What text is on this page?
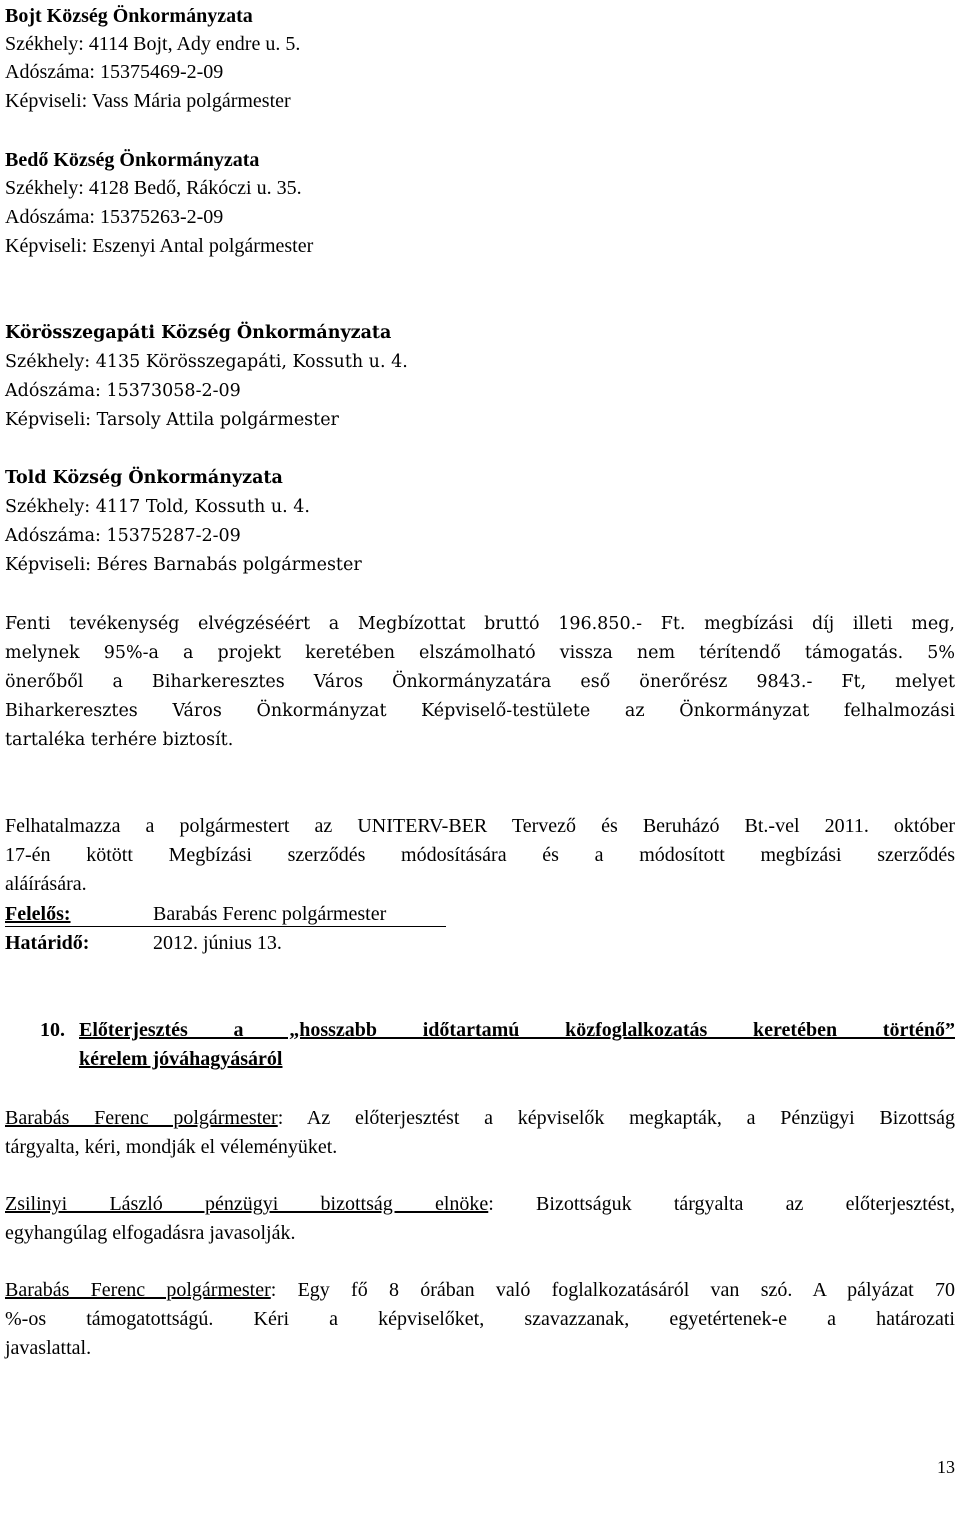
Bojt Község Önkormányzata
Székhely: 4114 Bojt, Ady endre u. 5.
Adószáma: 15375469-2-09
Képviseli: Vass Mária polgármester
Bedő Község Önkormányzata
Székhely: 4128 Bedő, Rákóczi u. 35.
Adószáma: 15375263-2-09
Képviseli: Eszenyi Antal polgármester
Körösszegapáti Község Önkormányzata
Székhely: 4135 Körösszegapáti, Kossuth u. 4.
Adószáma: 15373058-2-09
Képviseli: Tarsoly Attila polgármester
Told Község Önkormányzata
Székhely: 4117 Told, Kossuth u. 4.
Adószáma: 15375287-2-09
Képviseli: Béres Barnabás polgármester
Fenti tevékenység elvégzéséért a Megbízottat bruttó 196.850.- Ft. megbízási díj illeti meg,
melynek 95%-a a projekt keretében elszámolható vissza nem térítendő támogatás. 5%
önerőből a Biharkeresztes Város Önkormányzatára eső önerőrész 9843.- Ft, melyet
Biharkeresztes Város Önkormányzat Képviselő-testülete az Önkormányzat felhalmozási
tartaléka terhére biztosít.
Felhatalmazza a polgármestert az UNITERV-BER Tervező és Beruházó Bt.-vel 2011. október
17-én kötött Megbízási szerződés módosítására és a módosított megbízási szerződés
aláírására.
Felelős:	Barabás Ferenc polgármester
Határidő:	2012. június 13.
10. Előterjesztés a „hosszabb időtartamú közfoglalkozatás keretében történő”
kérelem jóváhagyásáról
Barabás Ferenc polgármester: Az előterjesztést a képviselők megkapták, a Pénzügyi Bizottság
tárgyalta, kéri, mondják el véleményüket.
Zsilinyi László pénzügyi bizottság elnöke: Bizottságuk tárgyalta az előterjesztést,
egyhangúlag elfogadásra javasolják.
Barabás Ferenc polgármester: Egy fő 8 órában való foglalkozatásáról van szó. A pályázat 70
%-os támogatottságú. Kéri a képviselőket, szavazzanak, egyetértenek-e a határozati
javaslattal.
13
